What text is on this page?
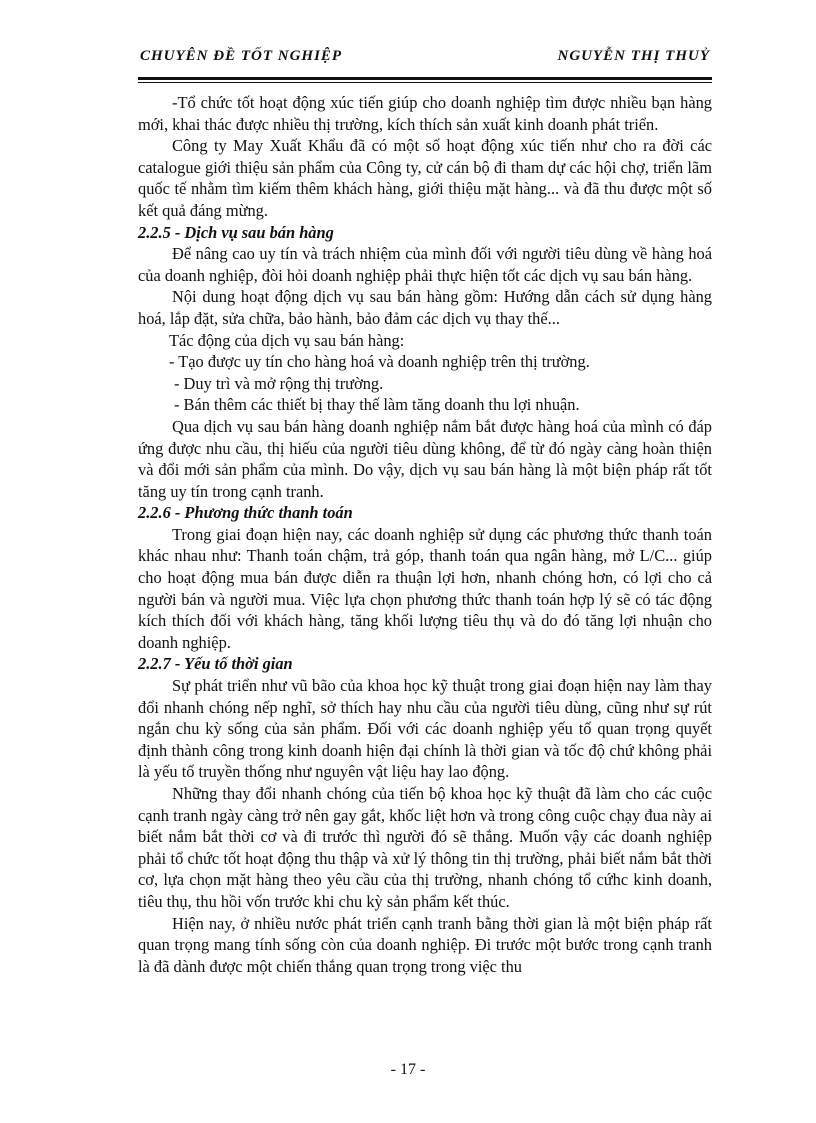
CHUYÊN ĐỀ TỐT NGHIỆP	NGUYỄN THỊ THUỶ

-Tổ chức tốt hoạt động xúc tiến giúp cho doanh nghiệp tìm được nhiều bạn hàng mới, khai thác được nhiều thị trường, kích thích sản xuất kinh doanh phát triển.

Công ty May Xuất Khẩu đã có một số hoạt động xúc tiến như cho ra đời các catalogue giới thiệu sản phẩm của Công ty, cử cán bộ đi tham dự các hội chợ, triển lãm quốc tế nhằm tìm kiếm thêm khách hàng, giới thiệu mặt hàng... và đã thu được một số kết quả đáng mừng.

2.2.5 - Dịch vụ sau bán hàng

Để nâng cao uy tín và trách nhiệm của mình đối với người tiêu dùng về hàng hoá của doanh nghiệp, đòi hỏi doanh nghiệp phải thực hiện tốt các dịch vụ sau bán hàng.

Nội dung hoạt động dịch vụ sau bán hàng gồm: Hướng dẫn cách sử dụng hàng hoá, lắp đặt, sửa chữa, bảo hành, bảo đảm các dịch vụ thay thế...

Tác động của dịch vụ sau bán hàng:

- Tạo được uy tín cho hàng hoá và doanh nghiệp trên thị trường.

- Duy trì và mở rộng thị trường.

- Bán thêm các thiết bị thay thế làm tăng doanh thu lợi nhuận.

Qua dịch vụ sau bán hàng doanh nghiệp nắm bắt được hàng hoá của mình có đáp ứng được nhu cầu, thị hiếu của người tiêu dùng không, để từ đó ngày càng hoàn thiện và đổi mới sản phẩm của mình. Do vậy, dịch vụ sau bán hàng là một biện pháp rất tốt tăng uy tín trong cạnh tranh.

2.2.6 - Phương thức thanh toán

Trong giai đoạn hiện nay, các doanh nghiệp sử dụng các phương thức thanh toán khác nhau như: Thanh toán chậm, trả góp, thanh toán qua ngân hàng, mở L/C... giúp cho hoạt động mua bán được diễn ra thuận lợi hơn, nhanh chóng hơn, có lợi cho cả người bán và người mua. Việc lựa chọn phương thức thanh toán hợp lý sẽ có tác động kích thích đối với khách hàng, tăng khối lượng tiêu thụ và do đó tăng lợi nhuận cho doanh nghiệp.

2.2.7 - Yếu tố thời gian

Sự phát triển như vũ bão của khoa học kỹ thuật trong giai đoạn hiện nay làm thay đổi nhanh chóng nếp nghĩ, sở thích hay nhu cầu của người tiêu dùng, cũng như sự rút ngắn chu kỳ sống của sản phẩm. Đối với các doanh nghiệp yếu tố quan trọng quyết định thành công trong kinh doanh hiện đại chính là thời gian và tốc độ chứ không phải là yếu tố truyền thống như nguyên vật liệu hay lao động.

Những thay đổi nhanh chóng của tiến bộ khoa học kỹ thuật đã làm cho các cuộc cạnh tranh ngày càng trở nên gay gắt, khốc liệt hơn và trong công cuộc chạy đua này ai biết nắm bắt thời cơ và đi trước thì người đó sẽ thắng. Muốn vậy các doanh nghiệp phải tổ chức tốt hoạt động thu thập và xử lý thông tin thị trường, phải biết nắm bắt thời cơ, lựa chọn mặt hàng theo yêu cầu của thị trường, nhanh chóng tổ cứhc kinh doanh, tiêu thụ, thu hồi vốn trước khi chu kỳ sản phẩm kết thúc.

Hiện nay, ở nhiều nước phát triển cạnh tranh bằng thời gian là một biện pháp rất quan trọng mang tính sống còn của doanh nghiệp. Đi trước một bước trong cạnh tranh là đã dành được một chiến thắng quan trọng trong việc thu

- 17 -
